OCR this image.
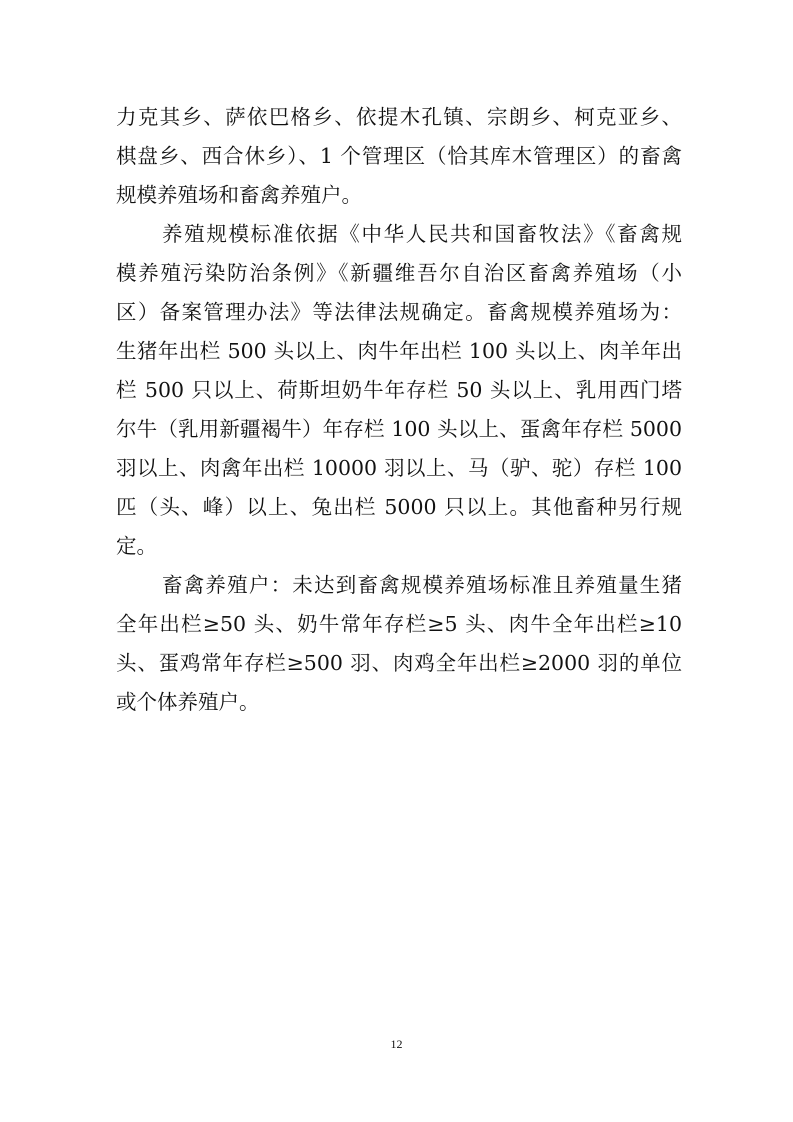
力克其乡、萨依巴格乡、依提木孔镇、宗朗乡、柯克亚乡、
棋盘乡、西合休乡）、1 个管理区（恰其库木管理区）的畜禽
规模养殖场和畜禽养殖户。
养殖规模标准依据《中华人民共和国畜牧法》《畜禽规
模养殖污染防治条例》《新疆维吾尔自治区畜禽养殖场（小
区）备案管理办法》等法律法规确定。畜禽规模养殖场为：
生猪年出栏 500 头以上、肉牛年出栏 100 头以上、肉羊年出
栏 500 只以上、荷斯坦奶牛年存栏 50 头以上、乳用西门塔
尔牛（乳用新疆褐牛）年存栏 100 头以上、蛋禽年存栏 5000
羽以上、肉禽年出栏 10000 羽以上、马（驴、驼）存栏 100
匹（头、峰）以上、兔出栏 5000 只以上。其他畜种另行规
定。
畜禽养殖户：未达到畜禽规模养殖场标准且养殖量生猪
全年出栏≥50 头、奶牛常年存栏≥5 头、肉牛全年出栏≥10
头、蛋鸡常年存栏≥500 羽、肉鸡全年出栏≥2000 羽的单位
或个体养殖户。
12
